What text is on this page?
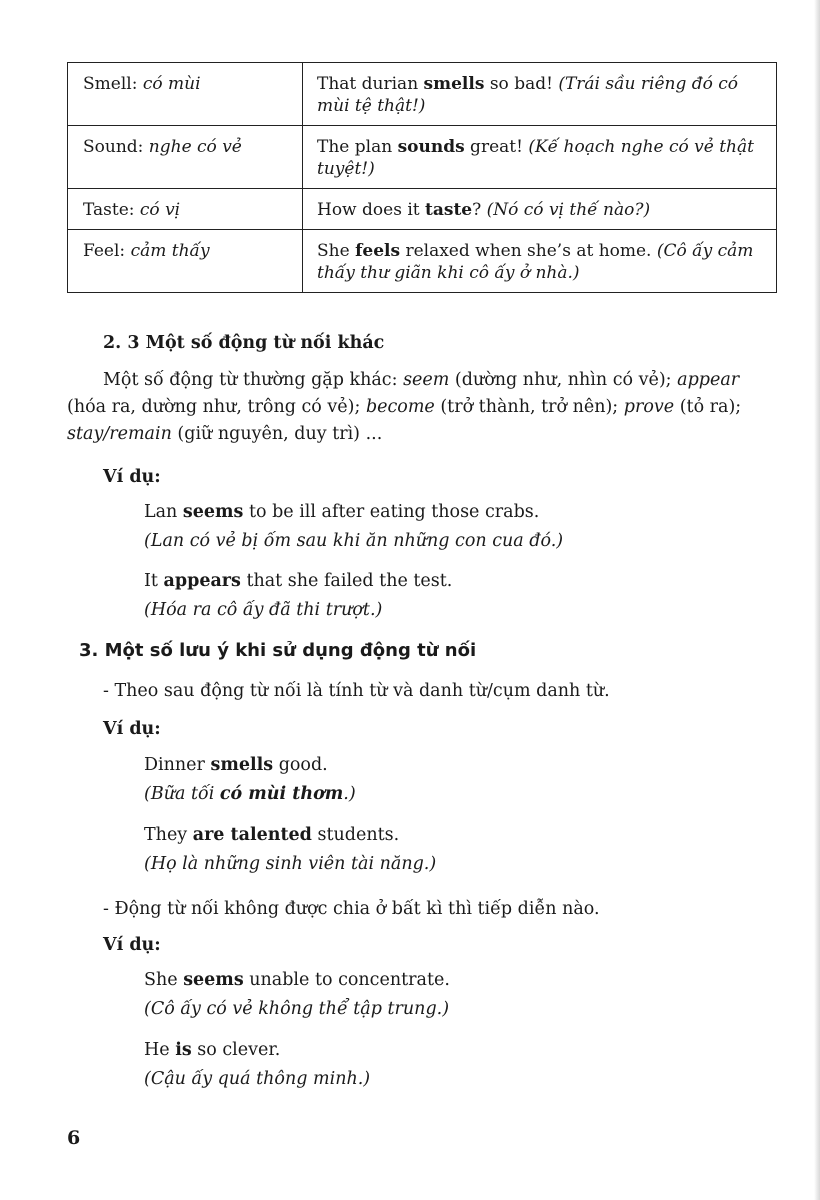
Smell: có mùi	That durian smells so bad! (Trái sầu riêng đó có mùi tệ thật!)
Sound: nghe có vẻ	The plan sounds great! (Kế hoạch nghe có vẻ thật tuyệt!)
Taste: có vị	How does it taste? (Nó có vị thế nào?)
Feel: cảm thấy	She feels relaxed when she’s at home. (Cô ấy cảm thấy thư giãn khi cô ấy ở nhà.)
2. 3 Một số động từ nối khác
Một số động từ thường gặp khác: seem (dường như, nhìn có vẻ); appear (hóa ra, dường như, trông có vẻ); become (trở thành, trở nên); prove (tỏ ra); stay/remain (giữ nguyên, duy trì) ...
Ví dụ:
Lan seems to be ill after eating those crabs.
(Lan có vẻ bị ốm sau khi ăn những con cua đó.)
It appears that she failed the test.
(Hóa ra cô ấy đã thi trượt.)
3. Một số lưu ý khi sử dụng động từ nối
- Theo sau động từ nối là tính từ và danh từ/cụm danh từ.
Ví dụ:
Dinner smells good.
(Bữa tối có mùi thơm.)
They are talented students.
(Họ là những sinh viên tài năng.)
- Động từ nối không được chia ở bất kì thì tiếp diễn nào.
Ví dụ:
She seems unable to concentrate.
(Cô ấy có vẻ không thể tập trung.)
He is so clever.
(Cậu ấy quá thông minh.)
6
